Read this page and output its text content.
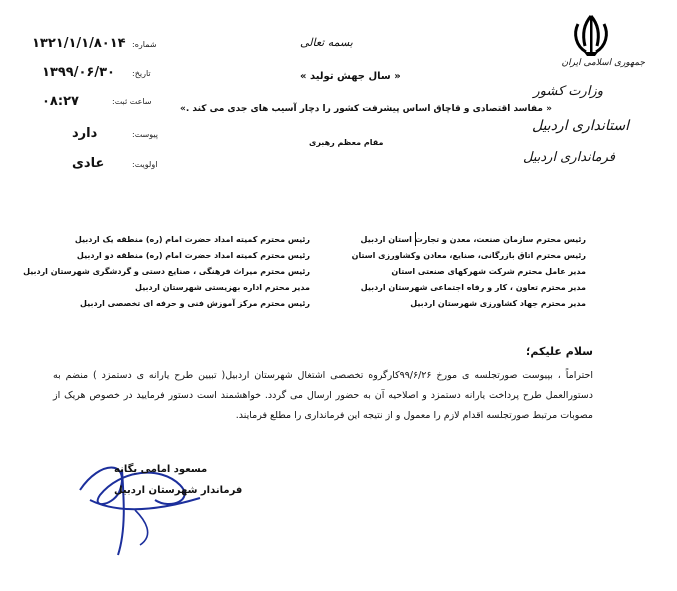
جمهوری اسلامی ایران
وزارت کشور
استانداری اردبیل
فرمانداری اردبیل
شماره:
۱۳۲۱/۱/۱/۸۰۱۴
تاریخ:
۱۳۹۹/۰۶/۳۰
ساعت ثبت:
۰۸:۲۷
پیوست:
دارد
اولویت:
عادی
بسمه تعالی
« سال جهش تولید »
« مفاسد اقتصادی و قاچاق اساس پیشرفت کشور را دچار آسیب های جدی می کند .»
مقام معظم رهبری
رئیس محترم سازمان صنعت، معدن و تجارت استان اردبیل
رئیس محترم اتاق بازرگانی، صنایع، معادن وکشاورزی استان
مدیر عامل محترم شرکت شهرکهای صنعتی استان
مدیر محترم تعاون ، کار و رفاه اجتماعی شهرستان اردبیل
مدیر محترم جهاد کشاورزی شهرستان اردبیل
رئیس محترم کمیته امداد حضرت امام (ره) منطقه یک اردبیل
رئیس محترم کمیته امداد حضرت امام (ره) منطقه دو اردبیل
رئیس محترم میراث فرهنگی ، صنایع دستی و گردشگری شهرستان اردبیل
مدیر محترم اداره بهزیستی شهرستان اردبیل
رئیس محترم مرکز آموزش فنی و حرفه ای تخصصی اردبیل
سلام علیکم؛
احتراماً ، بپیوست صورتجلسه ی مورخ ۹۹/۶/۲۶کارگروه تخصصی اشتغال شهرستان اردبیل( تبیین طرح یارانه ی دستمزد ) منضم به دستورالعمل طرح پرداخت یارانه دستمزد و اصلاحیه آن به حضور ارسال می گردد. خواهشمند است دستور فرمایید در خصوص هریک از مصوبات مرتبط صورتجلسه اقدام لازم را معمول و از نتیجه این فرمانداری را مطلع فرمایند.
مسعود امامی یگانه
فرماندار شهرستان اردبیل
